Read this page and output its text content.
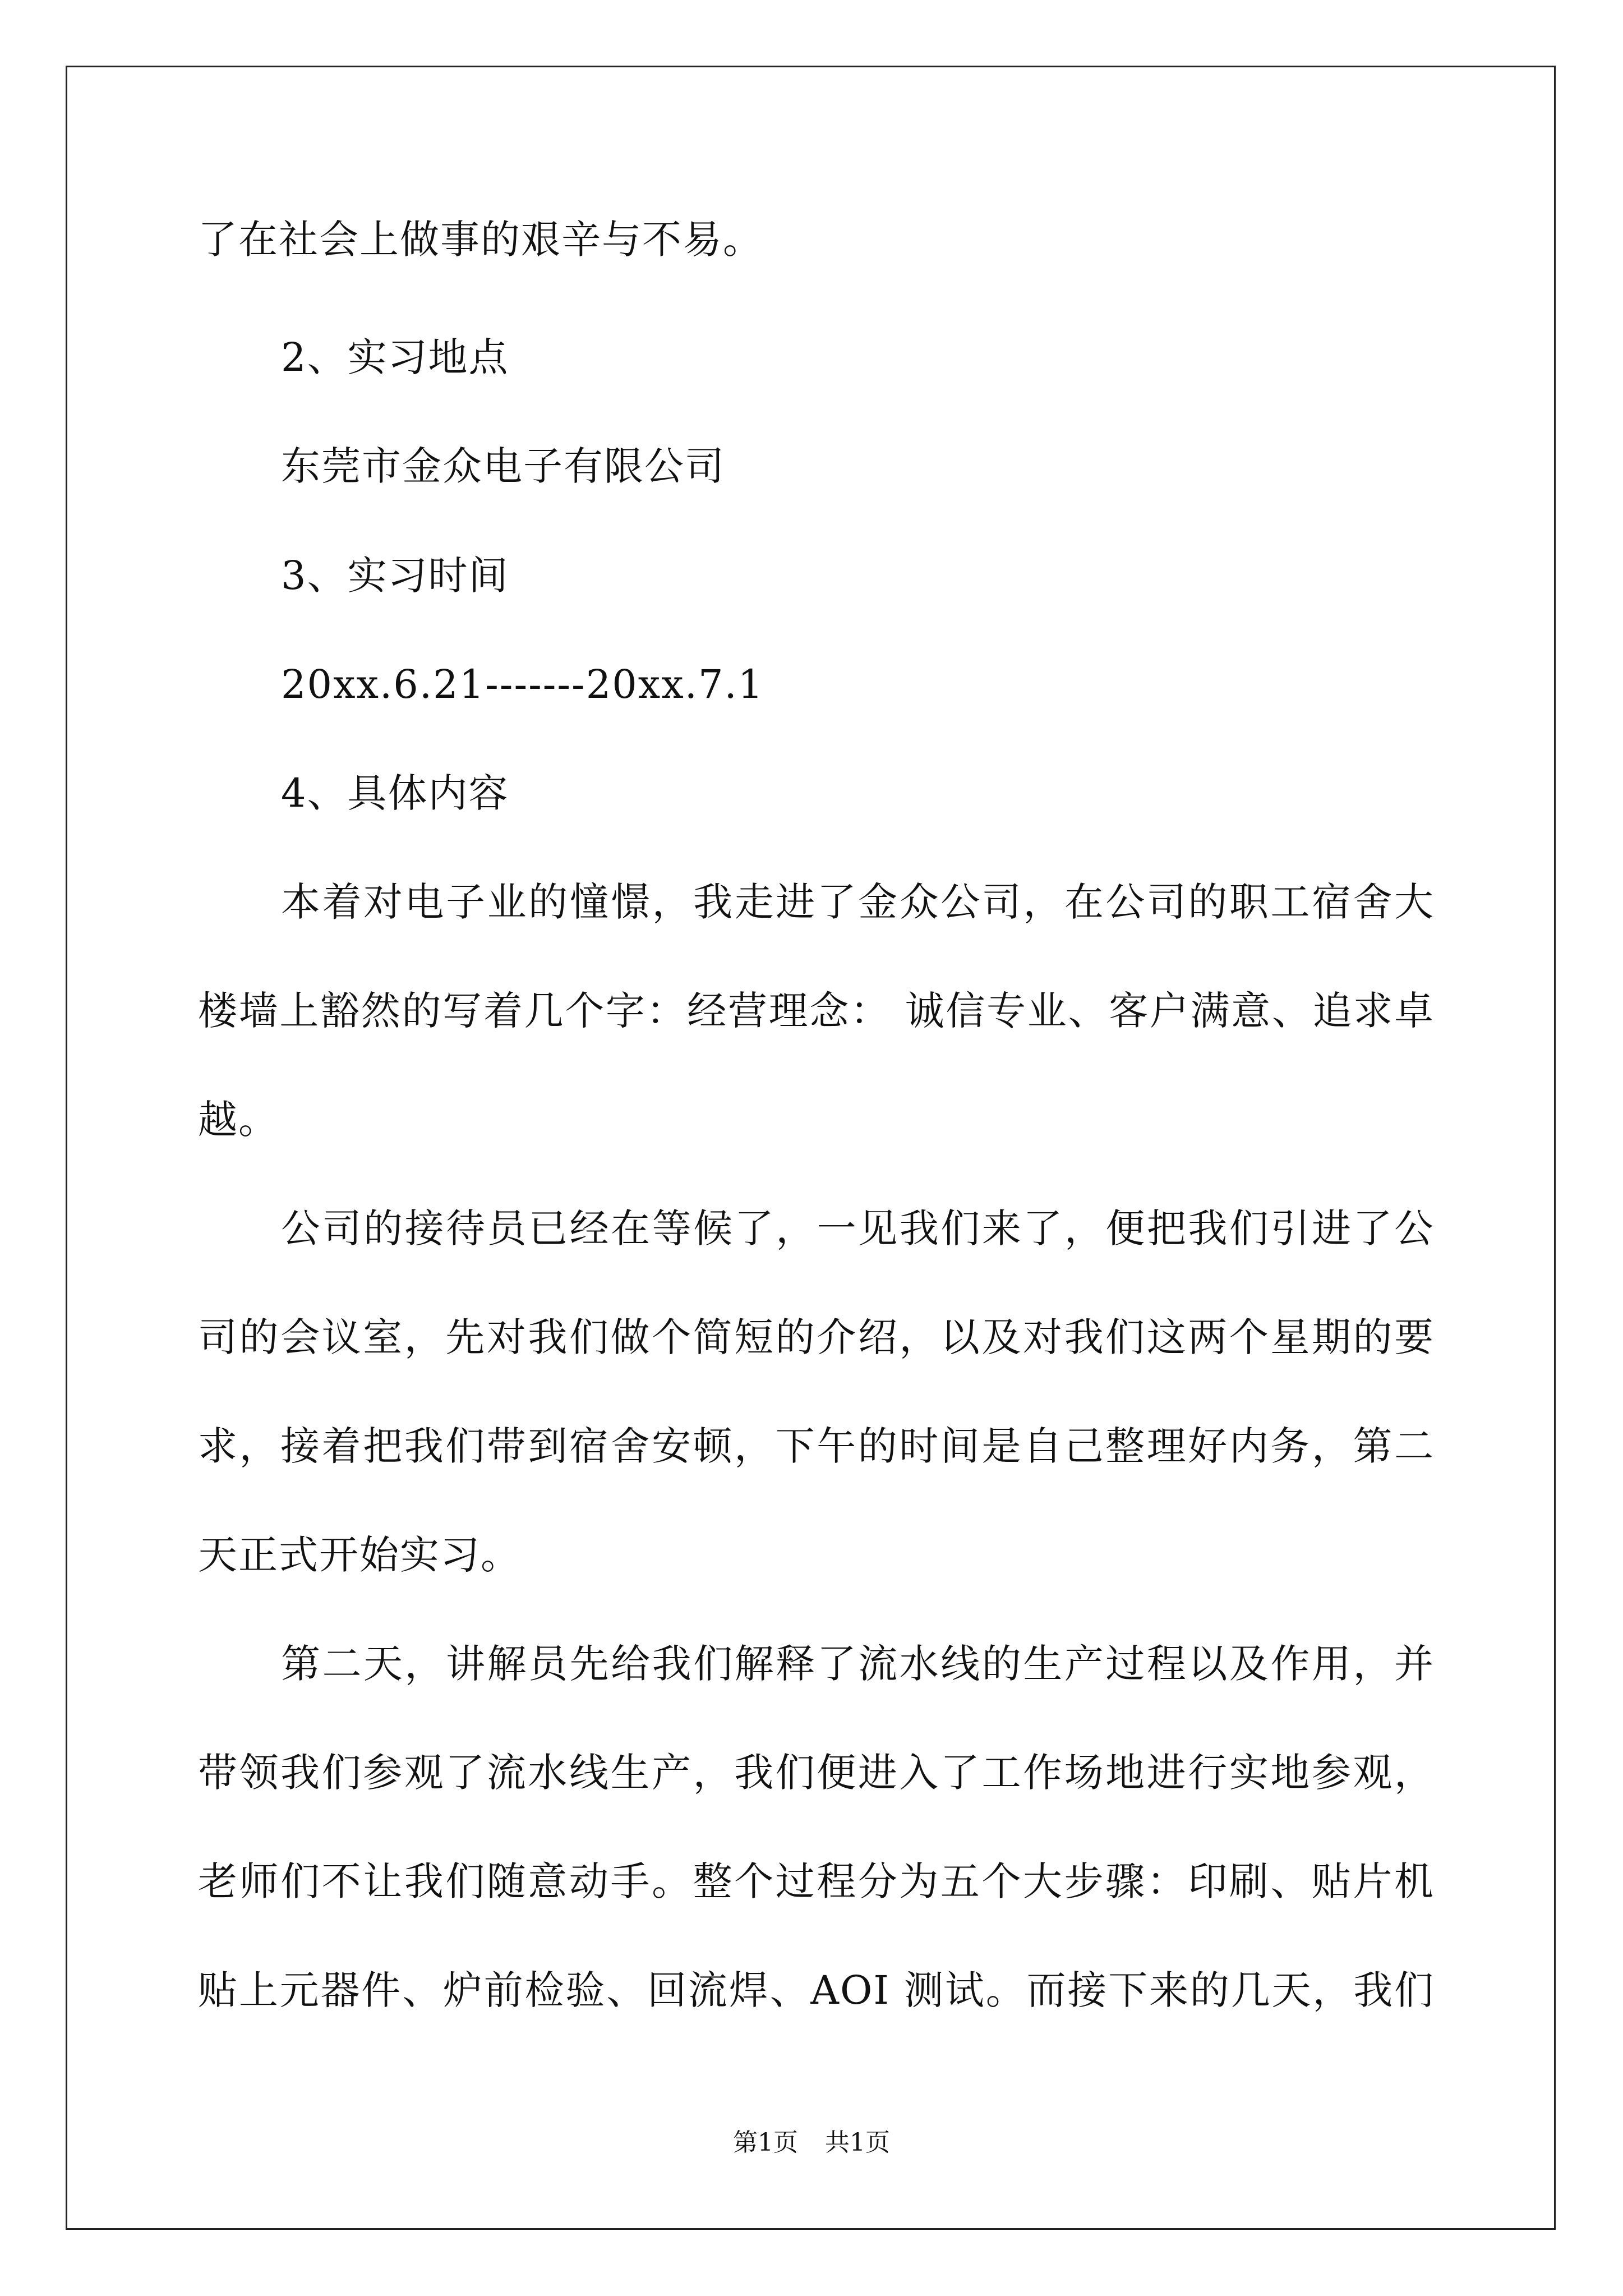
了在社会上做事的艰辛与不易。
2、实习地点
东莞市金众电子有限公司
3、实习时间
20xx.6.21-------20xx.7.1
4、具体内容
本着对电子业的憧憬，我走进了金众公司，在公司的职工宿舍大
楼墙上豁然的写着几个字：经营理念： 诚信专业、客户满意、追求卓
越。
公司的接待员已经在等候了，一见我们来了，便把我们引进了公
司的会议室，先对我们做个简短的介绍，以及对我们这两个星期的要
求，接着把我们带到宿舍安顿，下午的时间是自己整理好内务，第二
天正式开始实习。
第二天，讲解员先给我们解释了流水线的生产过程以及作用，并
带领我们参观了流水线生产，我们便进入了工作场地进行实地参观，
老师们不让我们随意动手。整个过程分为五个大步骤：印刷、贴片机
贴上元器件、炉前检验、回流焊、AOI 测试。而接下来的几天，我们
第1页 共1页
